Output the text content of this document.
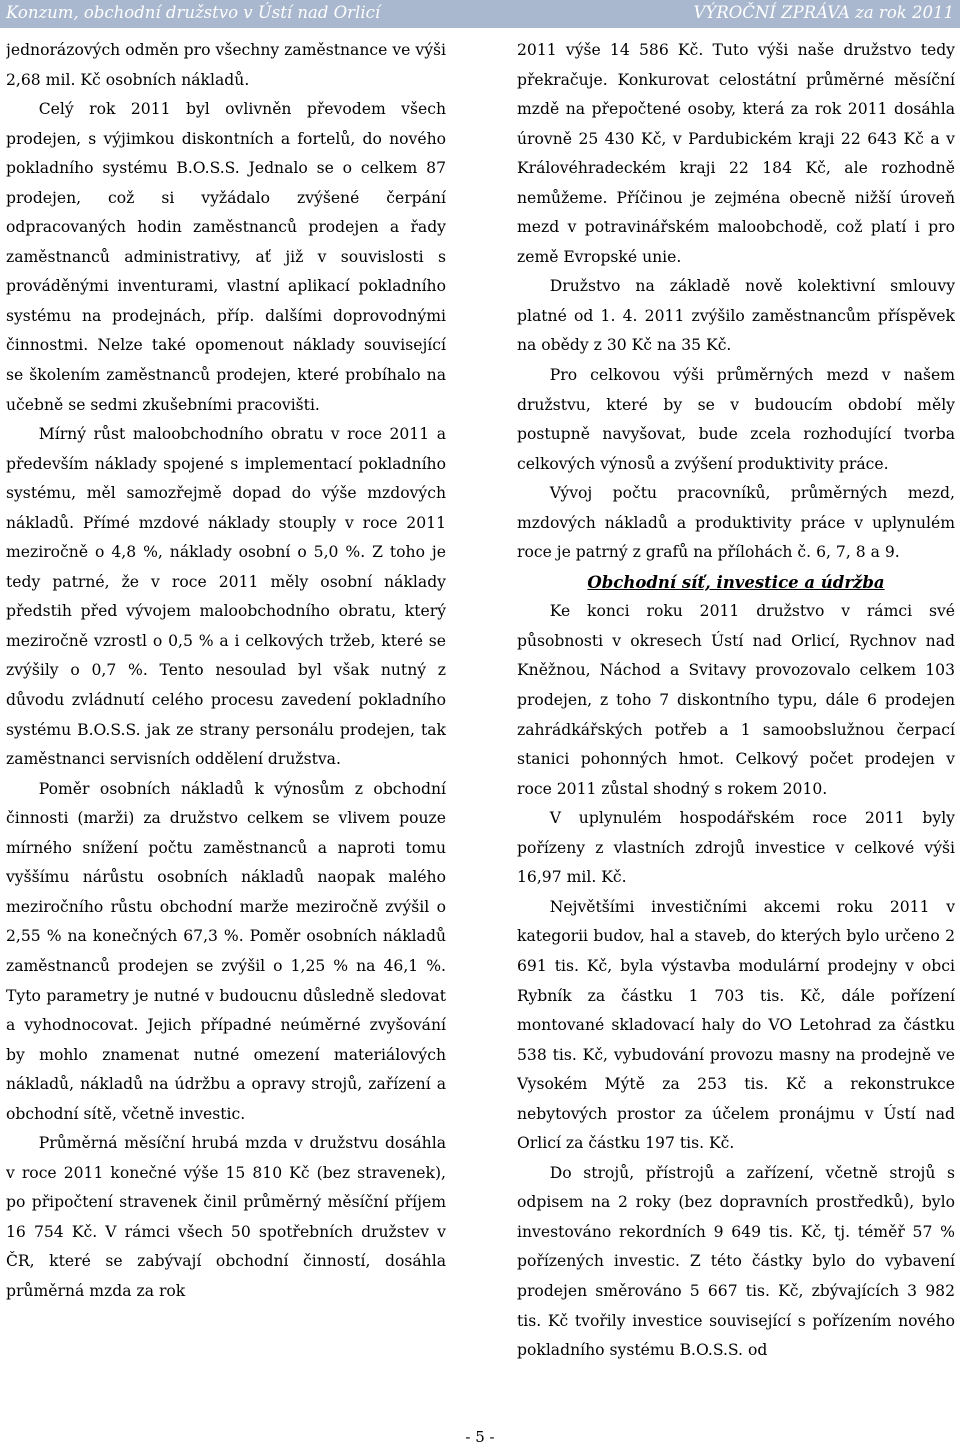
Konzum, obchodní družstvo v Ústí nad Orlicí	VÝROČNÍ ZPRÁVA za rok 2011

jednorázových odměn pro všechny zaměstnance ve výši 2,68 mil. Kč osobních nákladů.

Celý rok 2011 byl ovlivněn převodem všech prodejen, s výjimkou diskontních a fortelů, do nového pokladního systému B.O.S.S. Jednalo se o celkem 87 prodejen, což si vyžádalo zvýšené čerpání odpracovaných hodin zaměstnanců prodejen a řady zaměstnanců administrativy, ať již v souvislosti s prováděnými inventurami, vlastní aplikací pokladního systému na prodejnách, příp. dalšími doprovodnými činnostmi. Nelze také opomenout náklady související se školením zaměstnanců prodejen, které probíhalo na učebně se sedmi zkušebními pracovišti.

Mírný růst maloobchodního obratu v roce 2011 a především náklady spojené s implementací pokladního systému, měl samozřejmě dopad do výše mzdových nákladů. Přímé mzdové náklady stouply v roce 2011 meziročně o 4,8 %, náklady osobní o 5,0 %. Z toho je tedy patrné, že v roce 2011 měly osobní náklady předstih před vývojem maloobchodního obratu, který meziročně vzrostl o 0,5 % a i celkových tržeb, které se zvýšily o 0,7 %. Tento nesoulad byl však nutný z důvodu zvládnutí celého procesu zavedení pokladního systému B.O.S.S. jak ze strany personálu prodejen, tak zaměstnanci servisních oddělení družstva.

Poměr osobních nákladů k výnosům z obchodní činnosti (marži) za družstvo celkem se vlivem pouze mírného snížení počtu zaměstnanců a naproti tomu vyššímu nárůstu osobních nákladů naopak malého meziročního růstu obchodní marže meziročně zvýšil o 2,55 % na konečných 67,3 %. Poměr osobních nákladů zaměstnanců prodejen se zvýšil o 1,25 % na 46,1 %. Tyto parametry je nutné v budoucnu důsledně sledovat a vyhodnocovat. Jejich případné neúměrné zvyšování by mohlo znamenat nutné omezení materiálových nákladů, nákladů na údržbu a opravy strojů, zařízení a obchodní sítě, včetně investic.

Průměrná měsíční hrubá mzda v družstvu dosáhla v roce 2011 konečné výše 15 810 Kč (bez stravenek), po připočtení stravenek činil průměrný měsíční příjem 16 754 Kč. V rámci všech 50 spotřebních družstev v ČR, které se zabývají obchodní činností, dosáhla průměrná mzda za rok

2011 výše 14 586 Kč. Tuto výši naše družstvo tedy překračuje. Konkurovat celostátní průměrné měsíční mzdě na přepočtené osoby, která za rok 2011 dosáhla úrovně 25 430 Kč, v Pardubickém kraji 22 643 Kč a v Královéhradeckém kraji 22 184 Kč, ale rozhodně nemůžeme. Příčinou je zejména obecně nižší úroveň mezd v potravinářském maloobchodě, což platí i pro země Evropské unie.

Družstvo na základě nově kolektivní smlouvy platné od 1. 4. 2011 zvýšilo zaměstnancům příspěvek na obědy z 30 Kč na 35 Kč.

Pro celkovou výši průměrných mezd v našem družstvu, které by se v budoucím období měly postupně navyšovat, bude zcela rozhodující tvorba celkových výnosů a zvýšení produktivity práce.

Vývoj počtu pracovníků, průměrných mezd, mzdových nákladů a produktivity práce v uplynulém roce je patrný z grafů na přílohách č. 6, 7, 8 a 9.

Obchodní síť, investice a údržba

Ke konci roku 2011 družstvo v rámci své působnosti v okresech Ústí nad Orlicí, Rychnov nad Kněžnou, Náchod a Svitavy provozovalo celkem 103 prodejen, z toho 7 diskontního typu, dále 6 prodejen zahrádkářských potřeb a 1 samoobslužnou čerpací stanici pohonných hmot. Celkový počet prodejen v roce 2011 zůstal shodný s rokem 2010.

V uplynulém hospodářském roce 2011 byly pořízeny z vlastních zdrojů investice v celkové výši 16,97 mil. Kč.

Největšími investičními akcemi roku 2011 v kategorii budov, hal a staveb, do kterých bylo určeno 2 691 tis. Kč, byla výstavba modulární prodejny v obci Rybník za částku 1 703 tis. Kč, dále pořízení montované skladovací haly do VO Letohrad za částku 538 tis. Kč, vybudování provozu masny na prodejně ve Vysokém Mýtě za 253 tis. Kč a rekonstrukce nebytových prostor za účelem pronájmu v Ústí nad Orlicí za částku 197 tis. Kč.

Do strojů, přístrojů a zařízení, včetně strojů s odpisem na 2 roky (bez dopravních prostředků), bylo investováno rekordních 9 649 tis. Kč, tj. téměř 57 % pořízených investic. Z této částky bylo do vybavení prodejen směrováno 5 667 tis. Kč, zbývajících 3 982 tis. Kč tvořily investice související s pořízením nového pokladního systému B.O.S.S. od

- 5 -
